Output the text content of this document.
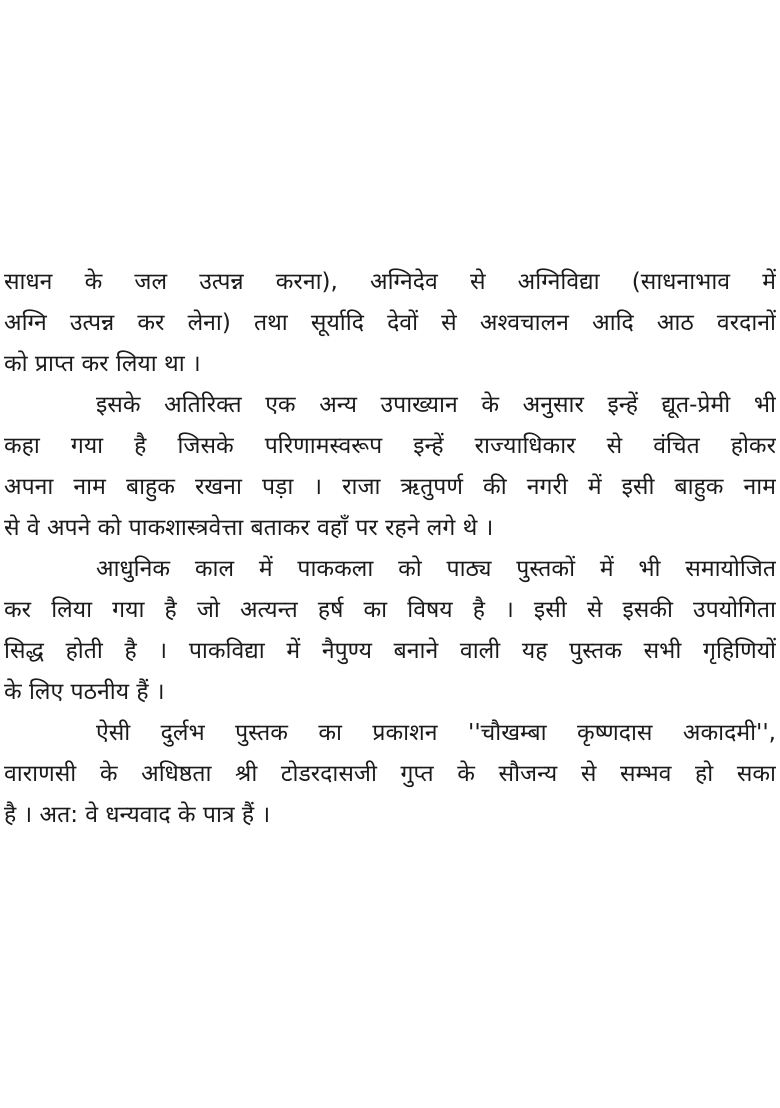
साधन के जल उत्पन्न करना), अग्निदेव से अग्निविद्या (साधनाभाव में
अग्नि उत्पन्न कर लेना) तथा सूर्यादि देवों से अश्वचालन आदि आठ वरदानों
को प्राप्त कर लिया था ।
इसके अतिरिक्त एक अन्य उपाख्यान के अनुसार इन्हें द्यूत-प्रेमी भी
कहा गया है जिसके परिणामस्वरूप इन्हें राज्याधिकार से वंचित होकर
अपना नाम बाहुक रखना पड़ा । राजा ऋतुपर्ण की नगरी में इसी बाहुक नाम
से वे अपने को पाकशास्त्रवेत्ता बताकर वहाँ पर रहने लगे थे ।
आधुनिक काल में पाककला को पाठ्य पुस्तकों में भी समायोजित
कर लिया गया है जो अत्यन्त हर्ष का विषय है । इसी से इसकी उपयोगिता
सिद्ध होती है । पाकविद्या में नैपुण्य बनाने वाली यह पुस्तक सभी गृहिणियों
के लिए पठनीय हैं ।
ऐसी दुर्लभ पुस्तक का प्रकाशन ''चौखम्बा कृष्णदास अकादमी'',
वाराणसी के अधिष्ठता श्री टोडरदासजी गुप्त के सौजन्य से सम्भव हो सका
है । अत: वे धन्यवाद के पात्र हैं ।
